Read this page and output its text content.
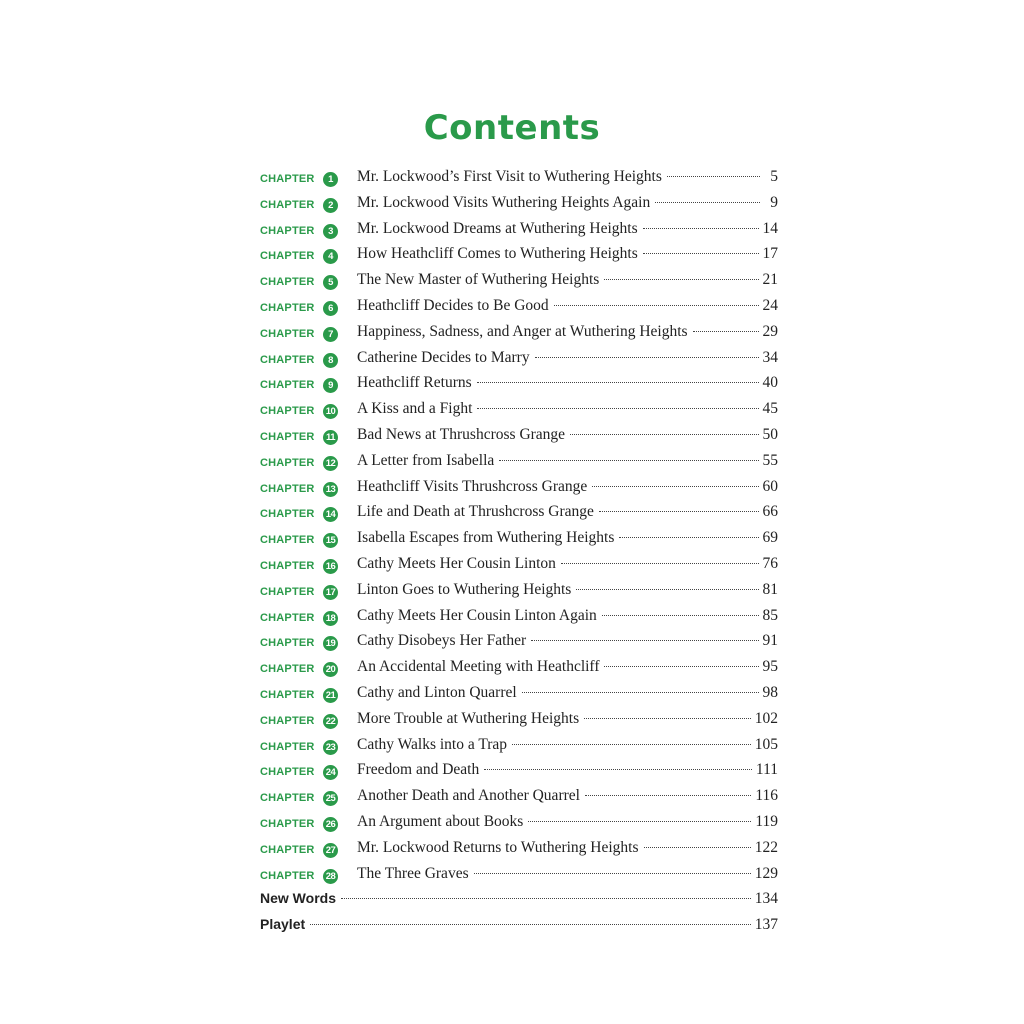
Contents
CHAPTER	1	Mr. Lockwood’s First Visit to Wuthering Heights	5
CHAPTER	2	Mr. Lockwood Visits Wuthering Heights Again	9
CHAPTER	3	Mr. Lockwood Dreams at Wuthering Heights	14
CHAPTER	4	How Heathcliff Comes to Wuthering Heights	17
CHAPTER	5	The New Master of Wuthering Heights	21
CHAPTER	6	Heathcliff Decides to Be Good	24
CHAPTER	7	Happiness, Sadness, and Anger at Wuthering Heights	29
CHAPTER	8	Catherine Decides to Marry	34
CHAPTER	9	Heathcliff Returns	40
CHAPTER 10 A Kiss and a Fight	45
CHAPTER	11 Bad News at Thrushcross Grange	50
CHAPTER 12 A Letter from Isabella	55
CHAPTER 13 Heathcliff Visits Thrushcross Grange	60
CHAPTER 14 Life and Death at Thrushcross Grange	66
CHAPTER 15 Isabella Escapes from Wuthering Heights	69
CHAPTER 16 Cathy Meets Her Cousin Linton	76
CHAPTER 17 Linton Goes to Wuthering Heights	81
CHAPTER 18 Cathy Meets Her Cousin Linton Again	85
CHAPTER 19 Cathy Disobeys Her Father	91
CHAPTER 20 An Accidental Meeting with Heathcliff	95
CHAPTER 21 Cathy and Linton Quarrel	98
CHAPTER 22 More Trouble at Wuthering Heights	102
CHAPTER 23 Cathy Walks into a Trap	105
CHAPTER 24 Freedom and Death	111
CHAPTER 25 Another Death and Another Quarrel	116
CHAPTER 26 An Argument about Books	119
CHAPTER 27 Mr. Lockwood Returns to Wuthering Heights	122
CHAPTER 28 The Three Graves	129
New Words	134
Playlet	137
